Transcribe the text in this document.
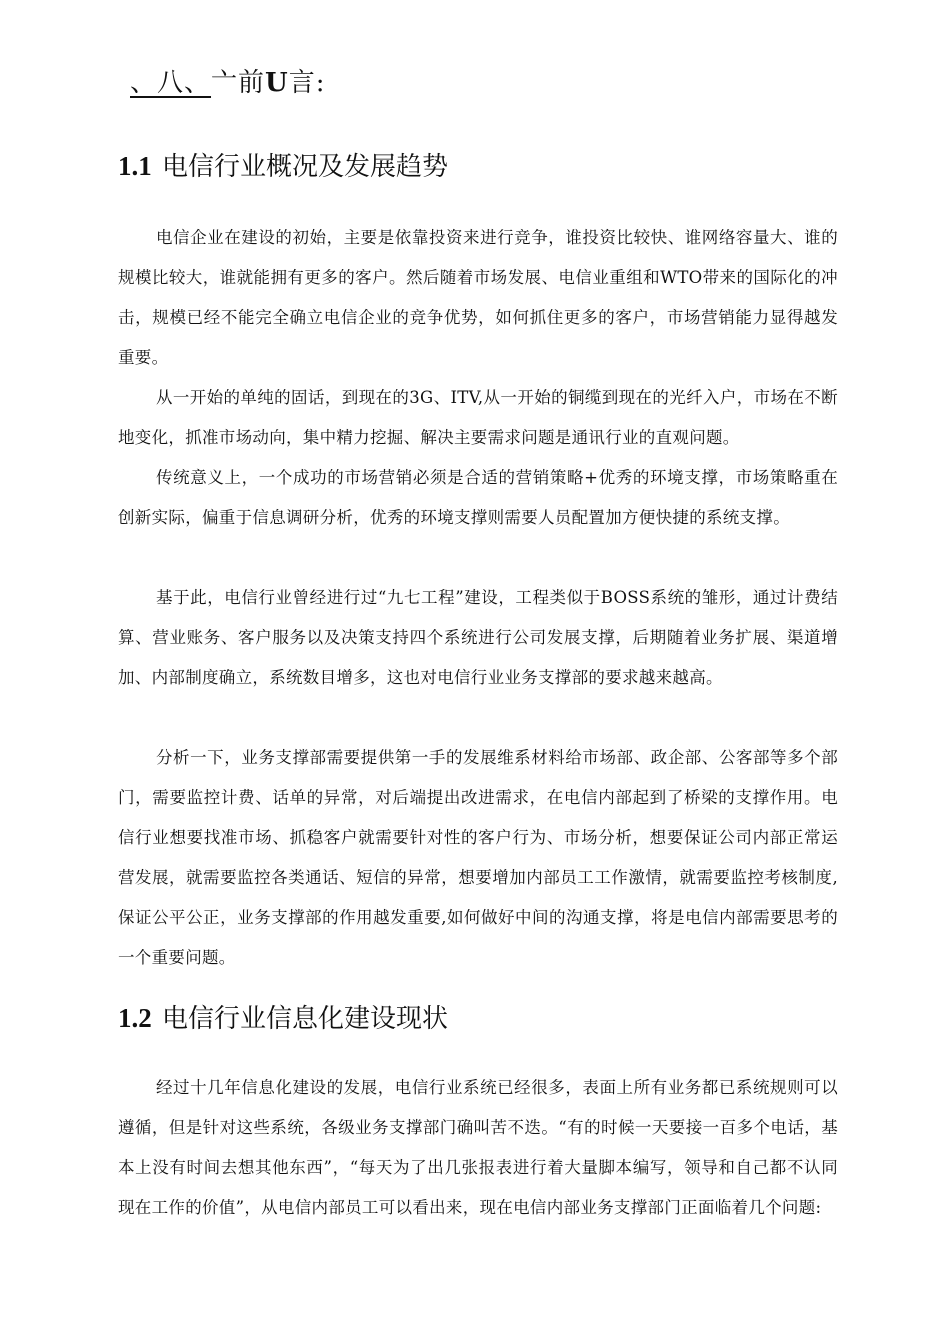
、八、亠前U言:
1.1 电信行业概况及发展趋势

电信企业在建设的初始，主要是依靠投资来进行竞争，谁投资比较快、谁网络容量大、谁的规模比较大，谁就能拥有更多的客户。然后随着市场发展、电信业重组和WTO带来的国际化的冲击，规模已经不能完全确立电信企业的竞争优势，如何抓住更多的客户，市场营销能力显得越发重要。

从一开始的单纯的固话，到现在的3G、ITV,从一开始的铜缆到现在的光纤入户，市场在不断地变化，抓准市场动向，集中精力挖掘、解决主要需求问题是通讯行业的直观问题。

传统意义上，一个成功的市场营销必须是合适的营销策略+优秀的环境支撑，市场策略重在创新实际，偏重于信息调研分析，优秀的环境支撑则需要人员配置加方便快捷的系统支撑。

基于此，电信行业曾经进行过“九七工程”建设，工程类似于BOSS系统的雏形，通过计费结算、营业账务、客户服务以及决策支持四个系统进行公司发展支撑，后期随着业务扩展、渠道增加、内部制度确立，系统数目增多，这也对电信行业业务支撑部的要求越来越高。

分析一下，业务支撑部需要提供第一手的发展维系材料给市场部、政企部、公客部等多个部门，需要监控计费、话单的异常，对后端提出改进需求，在电信内部起到了桥梁的支撑作用。电信行业想要找准市场、抓稳客户就需要针对性的客户行为、市场分析，想要保证公司内部正常运营发展，就需要监控各类通话、短信的异常，想要增加内部员工工作激情，就需要监控考核制度,保证公平公正，业务支撑部的作用越发重要,如何做好中间的沟通支撑，将是电信内部需要思考的一个重要问题。

1.2 电信行业信息化建设现状

经过十几年信息化建设的发展，电信行业系统已经很多，表面上所有业务都已系统规则可以遵循，但是针对这些系统，各级业务支撑部门确叫苦不迭。“有的时候一天要接一百多个电话，基本上没有时间去想其他东西”，“每天为了出几张报表进行着大量脚本编写，领导和自己都不认同现在工作的价值”，从电信内部员工可以看出来，现在电信内部业务支撑部门正面临着几个问题:
